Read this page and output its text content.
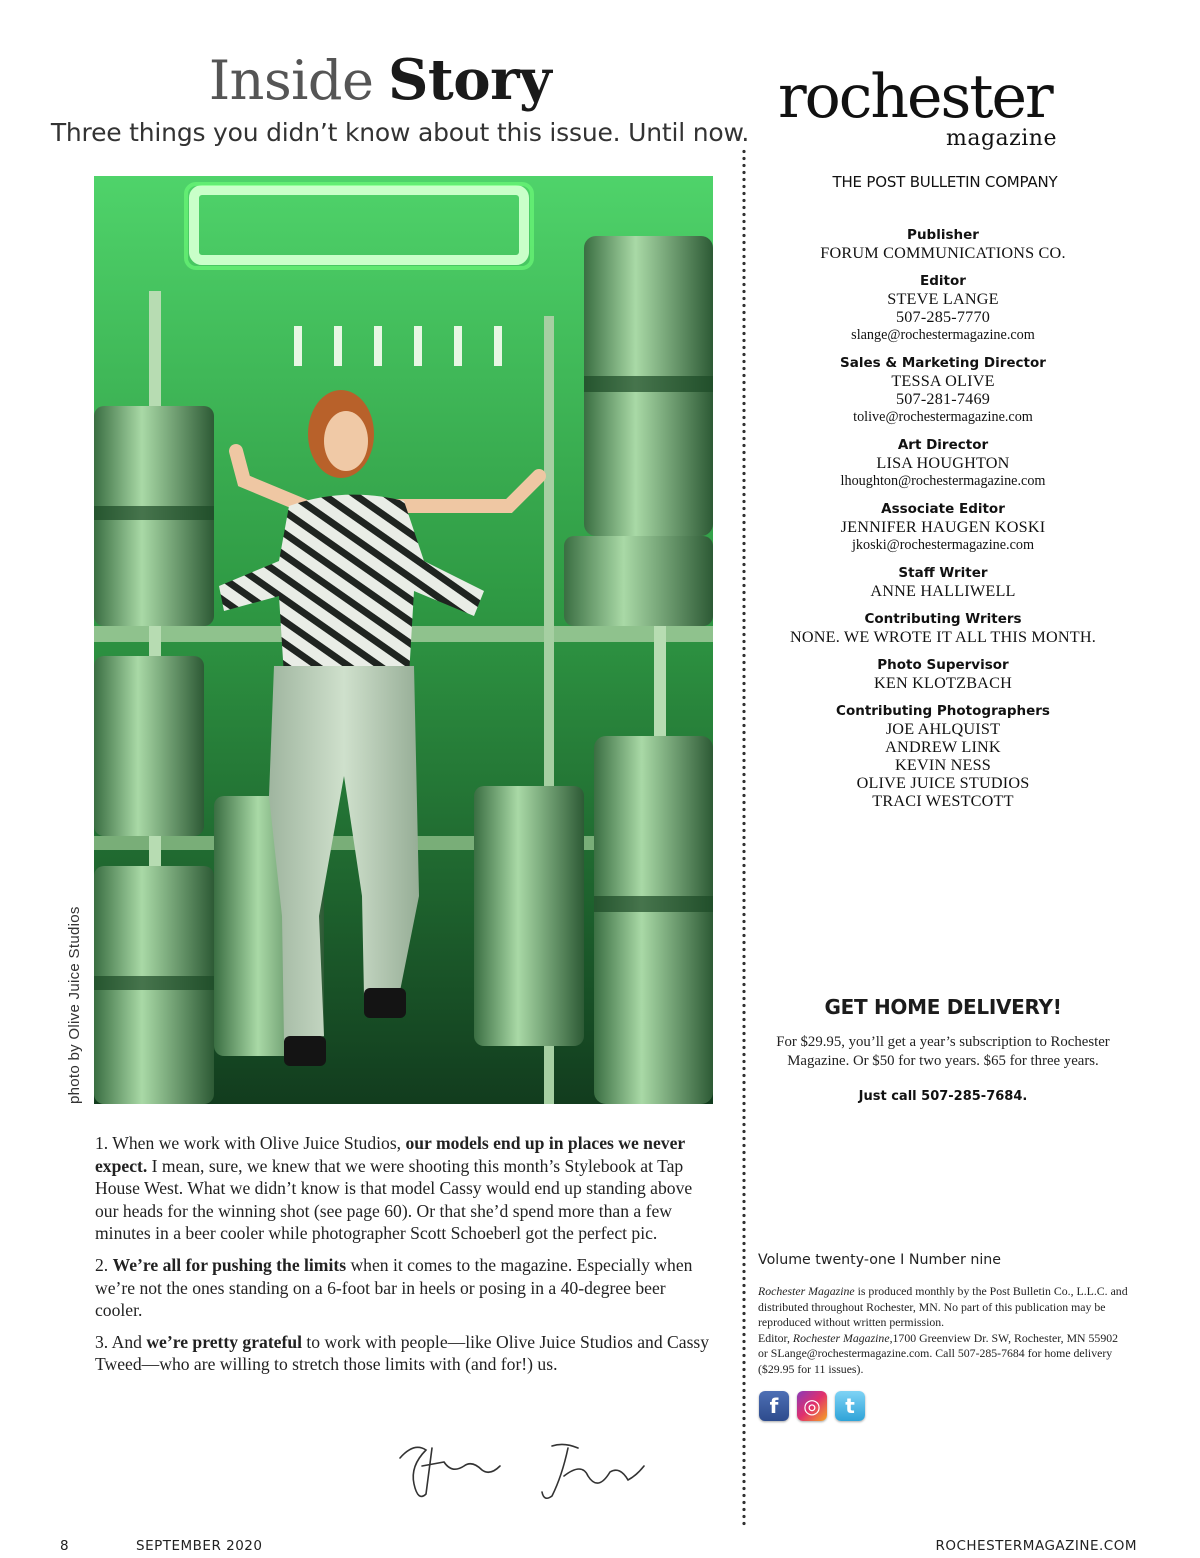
Inside Story
Three things you didn’t know about this issue. Until now.
photo by Olive Juice Studios

1. When we work with Olive Juice Studios, our models end up in places we never expect. I mean, sure, we knew that we were shooting this month’s Stylebook at Tap House West. What we didn’t know is that model Cassy would end up standing above our heads for the winning shot (see page 60). Or that she’d spend more than a few minutes in a beer cooler while photographer Scott Schoeberl got the perfect pic.

2. We’re all for pushing the limits when it comes to the magazine. Especially when we’re not the ones standing on a 6-foot bar in heels or posing in a 40-degree beer cooler.

3. And we’re pretty grateful to work with people—like Olive Juice Studios and Cassy Tweed—who are willing to stretch those limits with (and for!) us.

rochester
magazine
THE POST BULLETIN COMPANY
Publisher
FORUM COMMUNICATIONS CO.
Editor
STEVE LANGE
507-285-7770
slange@rochestermagazine.com
Sales & Marketing Director
TESSA OLIVE
507-281-7469
tolive@rochestermagazine.com
Art Director
LISA HOUGHTON
lhoughton@rochestermagazine.com
Associate Editor
JENNIFER HAUGEN KOSKI
jkoski@rochestermagazine.com
Staff Writer
ANNE HALLIWELL
Contributing Writers
NONE. WE WROTE IT ALL THIS MONTH.
Photo Supervisor
KEN KLOTZBACH
Contributing Photographers
JOE AHLQUIST
ANDREW LINK
KEVIN NESS
OLIVE JUICE STUDIOS
TRACI WESTCOTT
GET HOME DELIVERY!
For $29.95, you’ll get a year’s subscription to Rochester Magazine. Or $50 for two years. $65 for three years.
Just call 507-285-7684.
Volume twenty-one I Number nine
Rochester Magazine is produced monthly by the Post Bulletin Co., L.L.C. and distributed throughout Rochester, MN. No part of this publication may be reproduced without written permission.
Editor, Rochester Magazine,1700 Greenview Dr. SW, Rochester, MN 55902 or SLange@rochestermagazine.com. Call 507-285-7684 for home delivery ($29.95 for 11 issues).
f	◎	t
8	SEPTEMBER 2020	ROCHESTERMAGAZINE.COM
